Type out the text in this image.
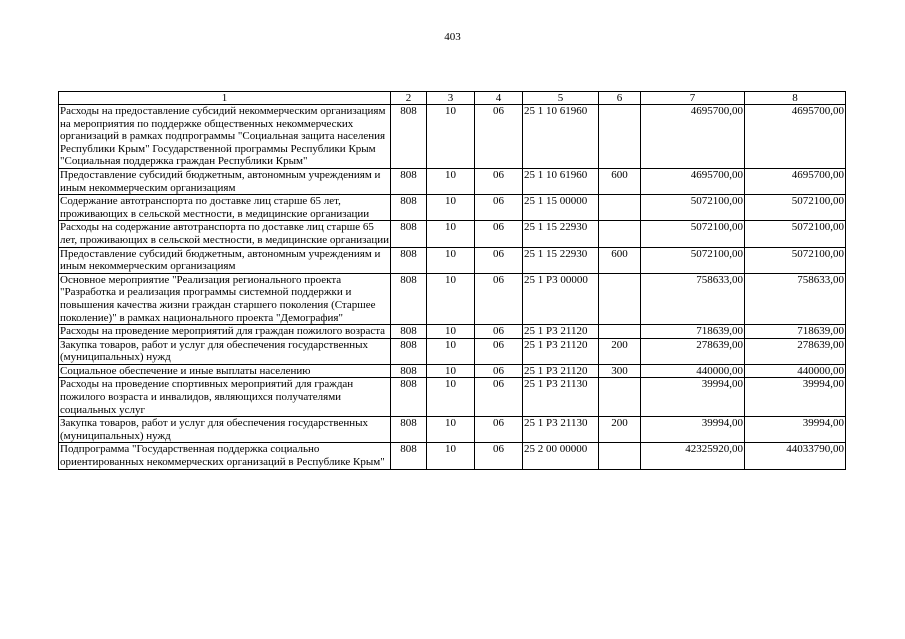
403
1	2	3	4	5	6	7	8
Расходы на предоставление субсидий некоммерческим организациям на мероприятия по поддержке общественных некоммерческих организаций в рамках подпрограммы "Социальная защита населения Республики Крым" Государственной программы Республики Крым "Социальная поддержка граждан Республики Крым"	808	10	06	25 1 10 61960		4695700,00	4695700,00
Предоставление субсидий бюджетным, автономным учреждениям и иным некоммерческим организациям	808	10	06	25 1 10 61960	600	4695700,00	4695700,00
Содержание автотранспорта по доставке лиц старше 65 лет, проживающих в сельской местности, в медицинские организации	808	10	06	25 1 15 00000		5072100,00	5072100,00
Расходы на содержание автотранспорта по доставке лиц старше 65 лет, проживающих в сельской местности, в медицинские организации	808	10	06	25 1 15 22930		5072100,00	5072100,00
Предоставление субсидий бюджетным, автономным учреждениям и иным некоммерческим организациям	808	10	06	25 1 15 22930	600	5072100,00	5072100,00
Основное мероприятие "Реализация регионального проекта "Разработка и реализация программы системной поддержки и повышения качества жизни граждан старшего поколения (Старшее поколение)" в рамках национального проекта "Демография"	808	10	06	25 1 P3 00000		758633,00	758633,00
Расходы на проведение мероприятий для граждан пожилого возраста	808	10	06	25 1 P3 21120		718639,00	718639,00
Закупка товаров, работ и услуг для обеспечения государственных (муниципальных) нужд	808	10	06	25 1 P3 21120	200	278639,00	278639,00
Социальное обеспечение и иные выплаты населению	808	10	06	25 1 P3 21120	300	440000,00	440000,00
Расходы на проведение спортивных мероприятий для граждан пожилого возраста и инвалидов, являющихся получателями социальных услуг	808	10	06	25 1 P3 21130		39994,00	39994,00
Закупка товаров, работ и услуг для обеспечения государственных (муниципальных) нужд	808	10	06	25 1 P3 21130	200	39994,00	39994,00
Подпрограмма "Государственная поддержка социально ориентированных некоммерческих организаций в Республике Крым"	808	10	06	25 2 00 00000		42325920,00	44033790,00
